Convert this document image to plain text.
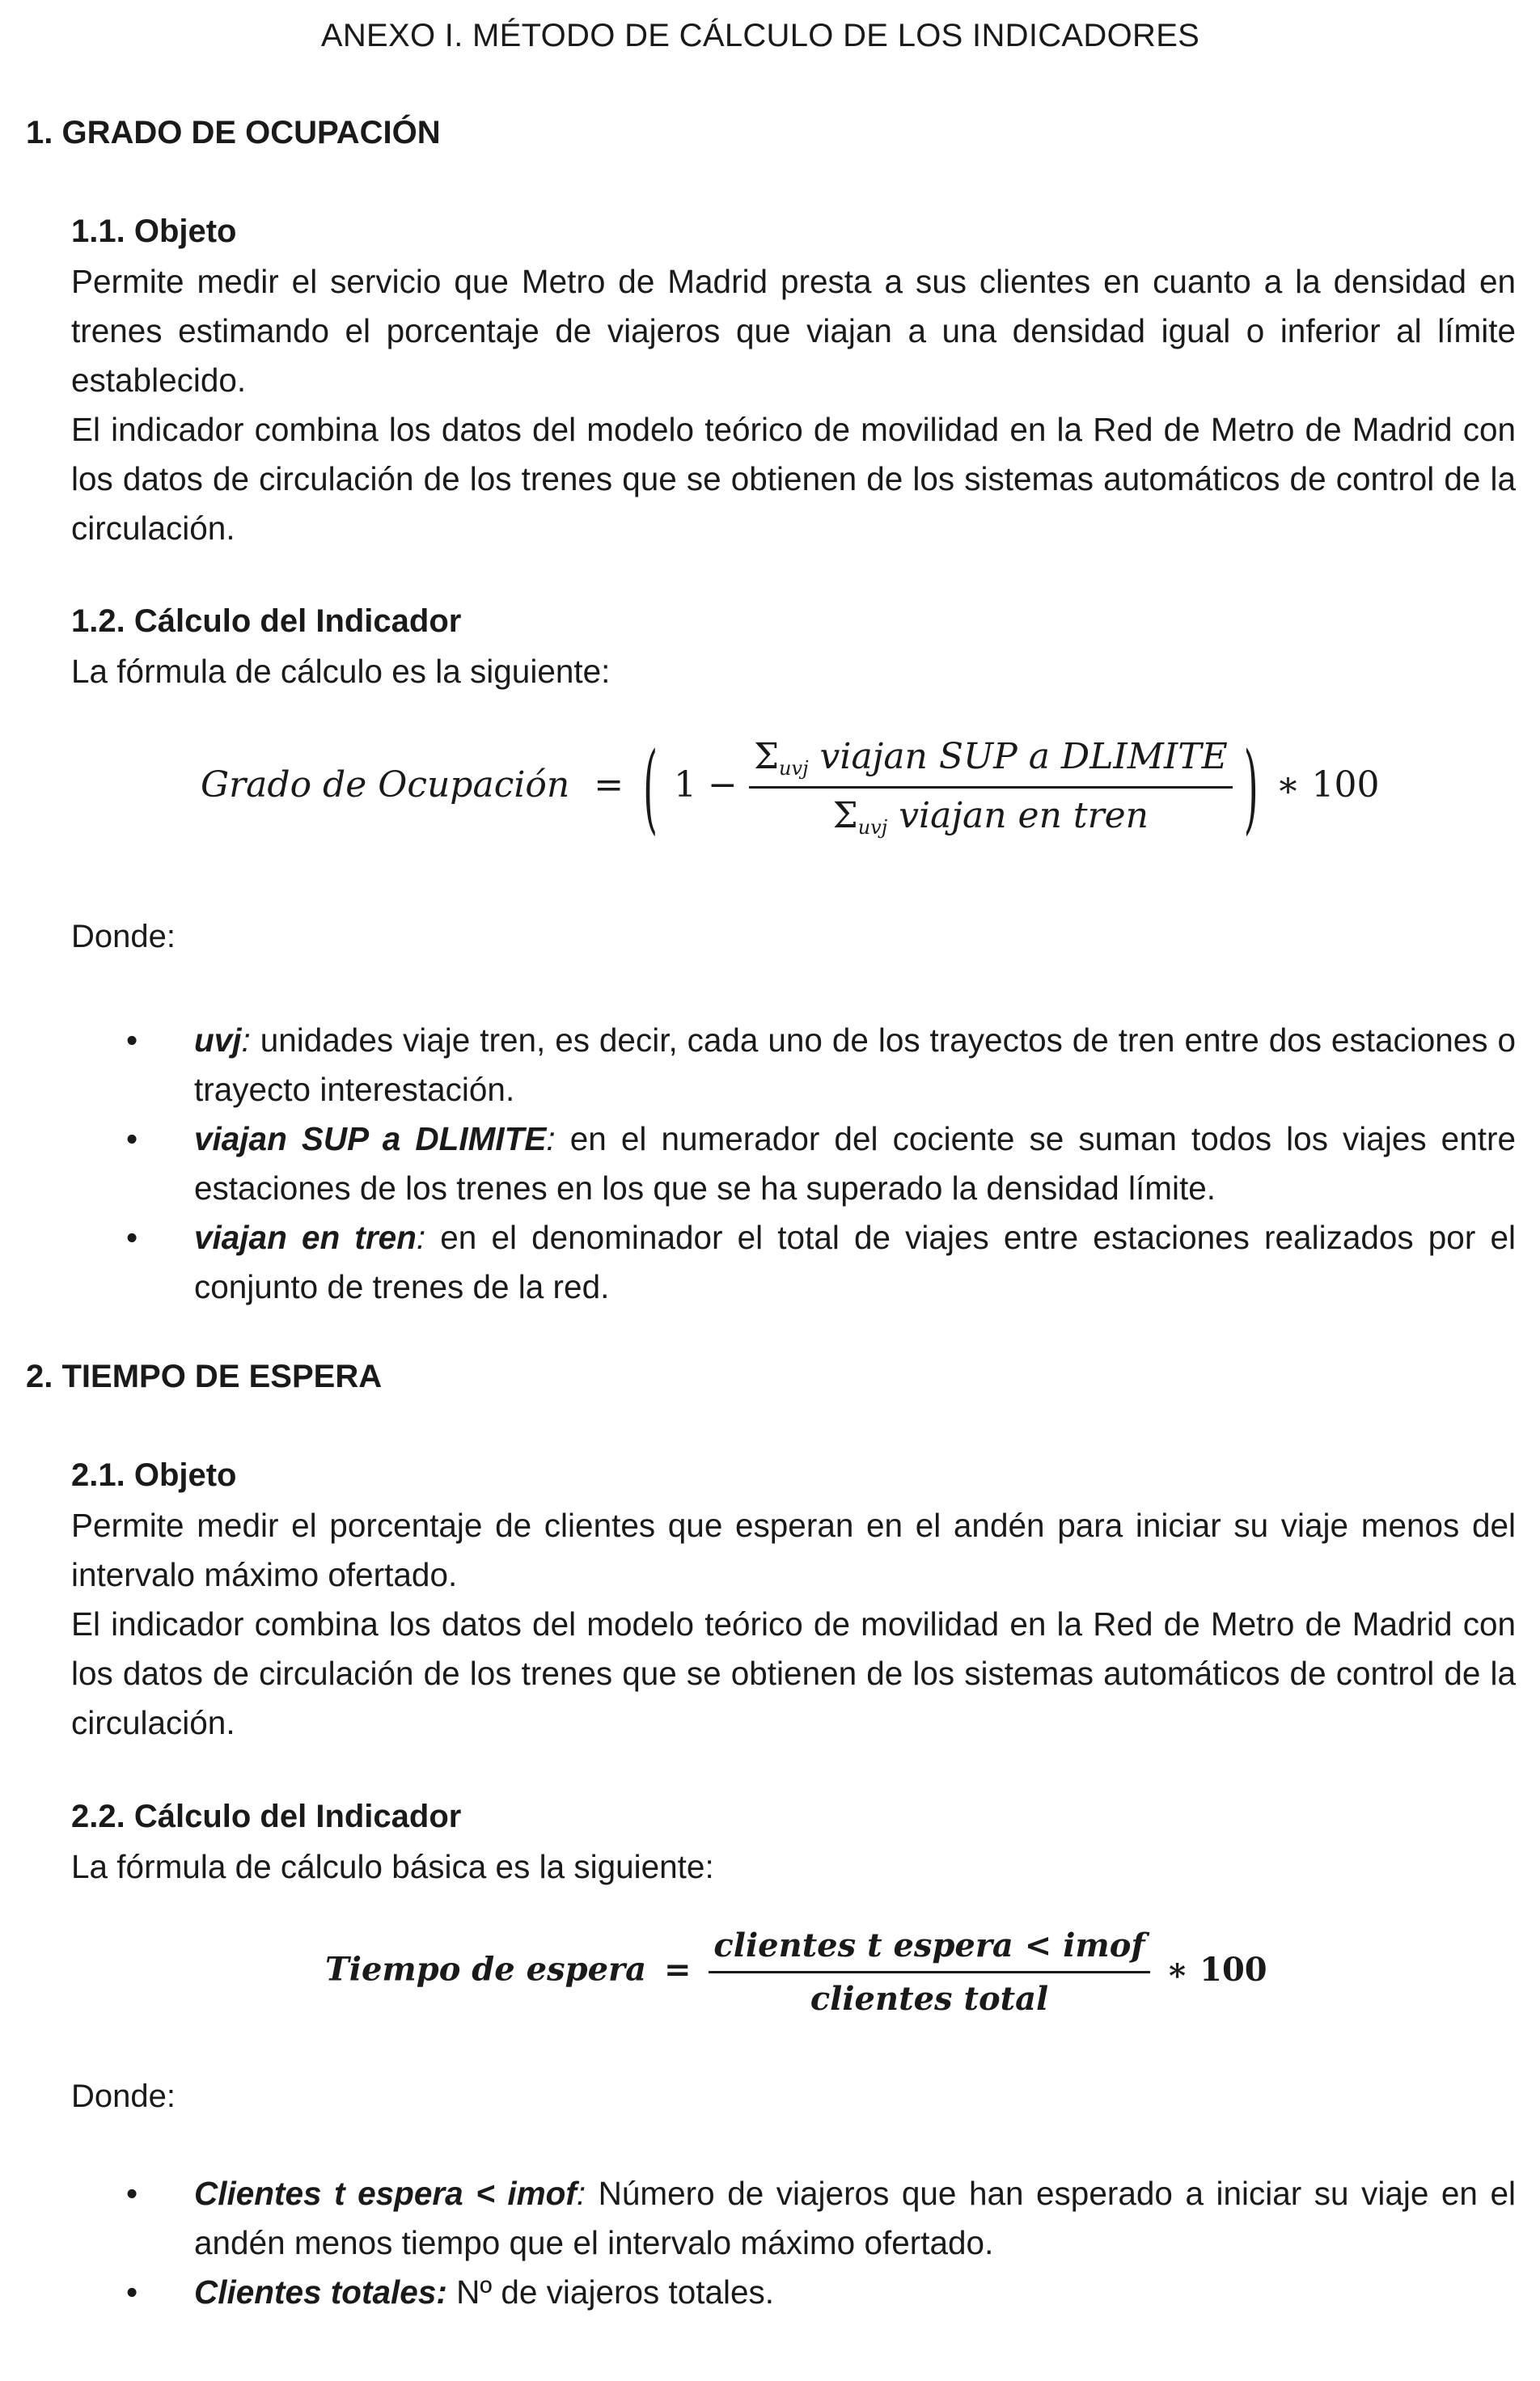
ANEXO I. MÉTODO DE CÁLCULO DE LOS INDICADORES
1. GRADO DE OCUPACIÓN
1.1. Objeto
Permite medir el servicio que Metro de Madrid presta a sus clientes en cuanto a la densidad en trenes estimando el porcentaje de viajeros que viajan a una densidad igual o inferior al límite establecido.
El indicador combina los datos del modelo teórico de movilidad en la Red de Metro de Madrid con los datos de circulación de los trenes que se obtienen de los sistemas automáticos de control de la circulación.
1.2. Cálculo del Indicador
La fórmula de cálculo es la siguiente:
Grado de Ocupación = ( $1 - \frac{\Sigma_{uvj} viajan SUP a DLIMITE}{\Sigma_{uvj} viajan en tren}$ ) ∗ 100
Donde:
• uvj: unidades viaje tren, es decir, cada uno de los trayectos de tren entre dos estaciones o trayecto interestación.
• viajan SUP a DLIMITE: en el numerador del cociente se suman todos los viajes entre estaciones de los trenes en los que se ha superado la densidad límite.
• viajan en tren: en el denominador el total de viajes entre estaciones realizados por el conjunto de trenes de la red.
2. TIEMPO DE ESPERA
2.1. Objeto
Permite medir el porcentaje de clientes que esperan en el andén para iniciar su viaje menos del intervalo máximo ofertado.
El indicador combina los datos del modelo teórico de movilidad en la Red de Metro de Madrid con los datos de circulación de los trenes que se obtienen de los sistemas automáticos de control de la circulación.
2.2. Cálculo del Indicador
La fórmula de cálculo básica es la siguiente:
Tiempo de espera = $\frac{\text{clientes t espera < imof}}{\text{clientes total}}$ ∗ 100
Donde:
• Clientes t espera < imof: Número de viajeros que han esperado a iniciar su viaje en el andén menos tiempo que el intervalo máximo ofertado.
• Clientes totales: Nº de viajeros totales.
